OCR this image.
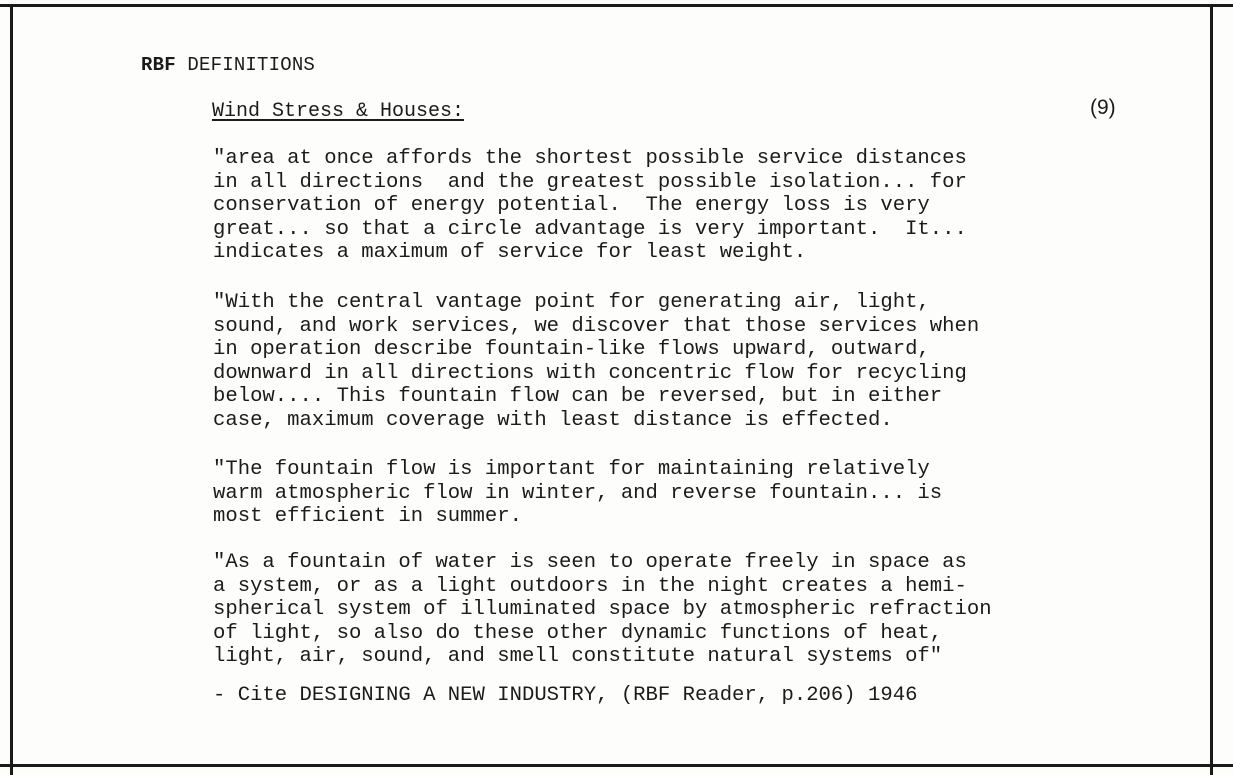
RBF DEFINITIONS
Wind Stress & Houses:	(9)
"area at once affords the shortest possible service distances
in all directions  and the greatest possible isolation... for
conservation of energy potential.  The energy loss is very
great... so that a circle advantage is very important.  It...
indicates a maximum of service for least weight.
"With the central vantage point for generating air, light,
sound, and work services, we discover that those services when
in operation describe fountain-like flows upward, outward,
downward in all directions with concentric flow for recycling
below.... This fountain flow can be reversed, but in either
case, maximum coverage with least distance is effected.
"The fountain flow is important for maintaining relatively
warm atmospheric flow in winter, and reverse fountain... is
most efficient in summer.
"As a fountain of water is seen to operate freely in space as
a system, or as a light outdoors in the night creates a hemi-
spherical system of illuminated space by atmospheric refraction
of light, so also do these other dynamic functions of heat,
light, air, sound, and smell constitute natural systems of"
- Cite DESIGNING A NEW INDUSTRY, (RBF Reader, p.206) 1946
